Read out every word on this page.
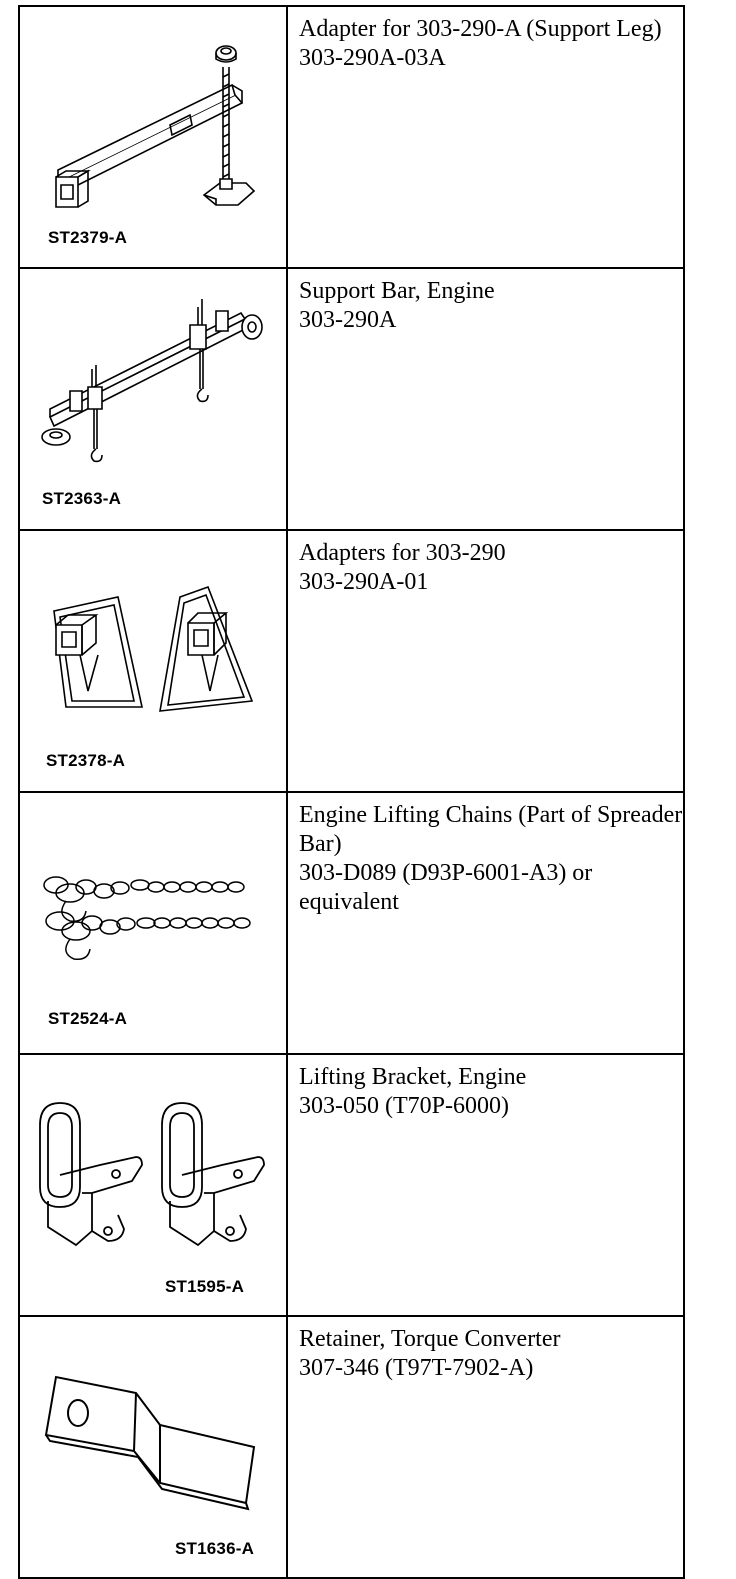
ST2379-A	Adapter for 303-290-A (Support Leg)
303-290A-03A

ST2363-A	Support Bar, Engine
303-290A

ST2378-A	Adapters for 303-290
303-290A-01

ST2524-A	Engine Lifting Chains (Part of Spreader Bar)
303-D089 (D93P-6001-A3) or equivalent

ST1595-A	Lifting Bracket, Engine
303-050 (T70P-6000)

ST1636-A	Retainer, Torque Converter
307-346 (T97T-7902-A)
